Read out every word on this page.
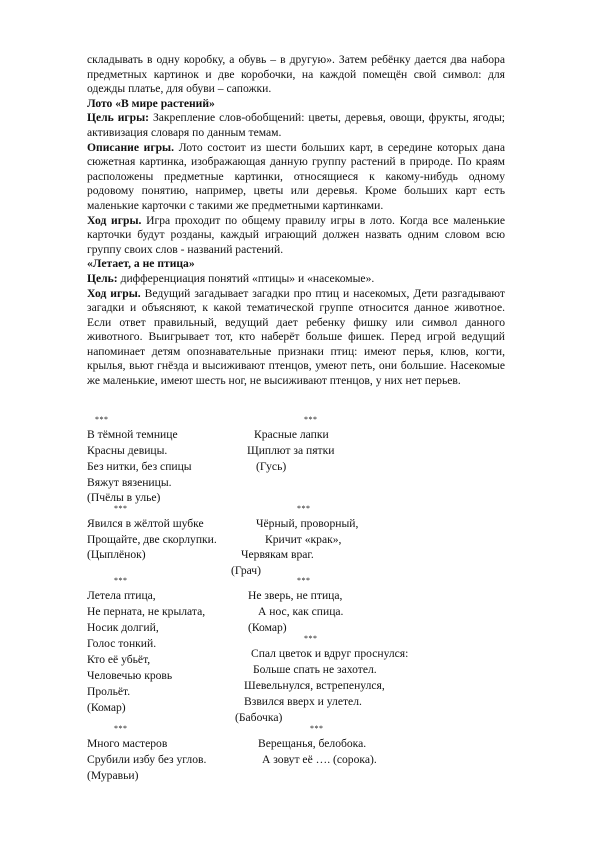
складывать в одну коробку, а обувь – в другую». Затем ребёнку дается два набора предметных картинок и две коробочки, на каждой помещён свой символ: для одежды платье, для обуви – сапожки.

Лото «В мире растений»

Цель игры: Закрепление слов-обобщений: цветы, деревья, овощи, фрукты, ягоды; активизация словаря по данным темам.

Описание игры. Лото состоит из шести больших карт, в середине которых дана сюжетная картинка, изображающая данную группу растений в природе. По краям расположены предметные картинки, относящиеся к какому-нибудь одному родовому понятию, например, цветы или деревья. Кроме больших карт есть маленькие карточки с такими же предметными картинками.

Ход игры. Игра проходит по общему правилу игры в лото. Когда все маленькие карточки будут розданы, каждый играющий должен назвать одним словом всю группу своих слов - названий растений.

«Летает, а не птица»

Цель: дифференциация понятий «птицы» и «насекомые».

Ход игры. Ведущий загадывает загадки про птиц и насекомых, Дети разгадывают загадки и объясняют, к какой тематической группе относится данное животное. Если ответ правильный, ведущий дает ребенку фишку или символ данного животного. Выигрывает тот, кто наберёт больше фишек. Перед игрой ведущий напоминает детям опознавательные признаки птиц: имеют перья, клюв, когти, крылья, вьют гнёзда и высиживают птенцов, умеют петь, они большие. Насекомые же маленькие, имеют шесть ног, не высиживают птенцов, у них нет перьев.

***	***
В тёмной темнице
Красны девицы.
Без нитки, без спицы
Вяжут вязеницы.
(Пчёлы в улье)
Красные лапки
Щиплют за пятки
(Гусь)
***	***
Явился в жёлтой шубке
Прощайте, две скорлупки.
(Цыплёнок)
Чёрный, проворный,
Кричит «крак»,
Червякам враг.
(Грач)
***	***
Летела птица,
Не перната, не крылата,
Носик долгий,
Голос тонкий.
Кто её убьёт,
Человечью кровь
Прольёт.
(Комар)
Не зверь, не птица,
А нос, как спица.
(Комар)
***
Спал цветок и вдруг проснулся:
Больше спать не захотел.
Шевельнулся, встрепенулся,
Взвился вверх и улетел.
(Бабочка)
***	***
Много мастеров
Срубили избу без углов.
(Муравьи)
Верещанья, белобока.
А зовут её …. (сорока).
